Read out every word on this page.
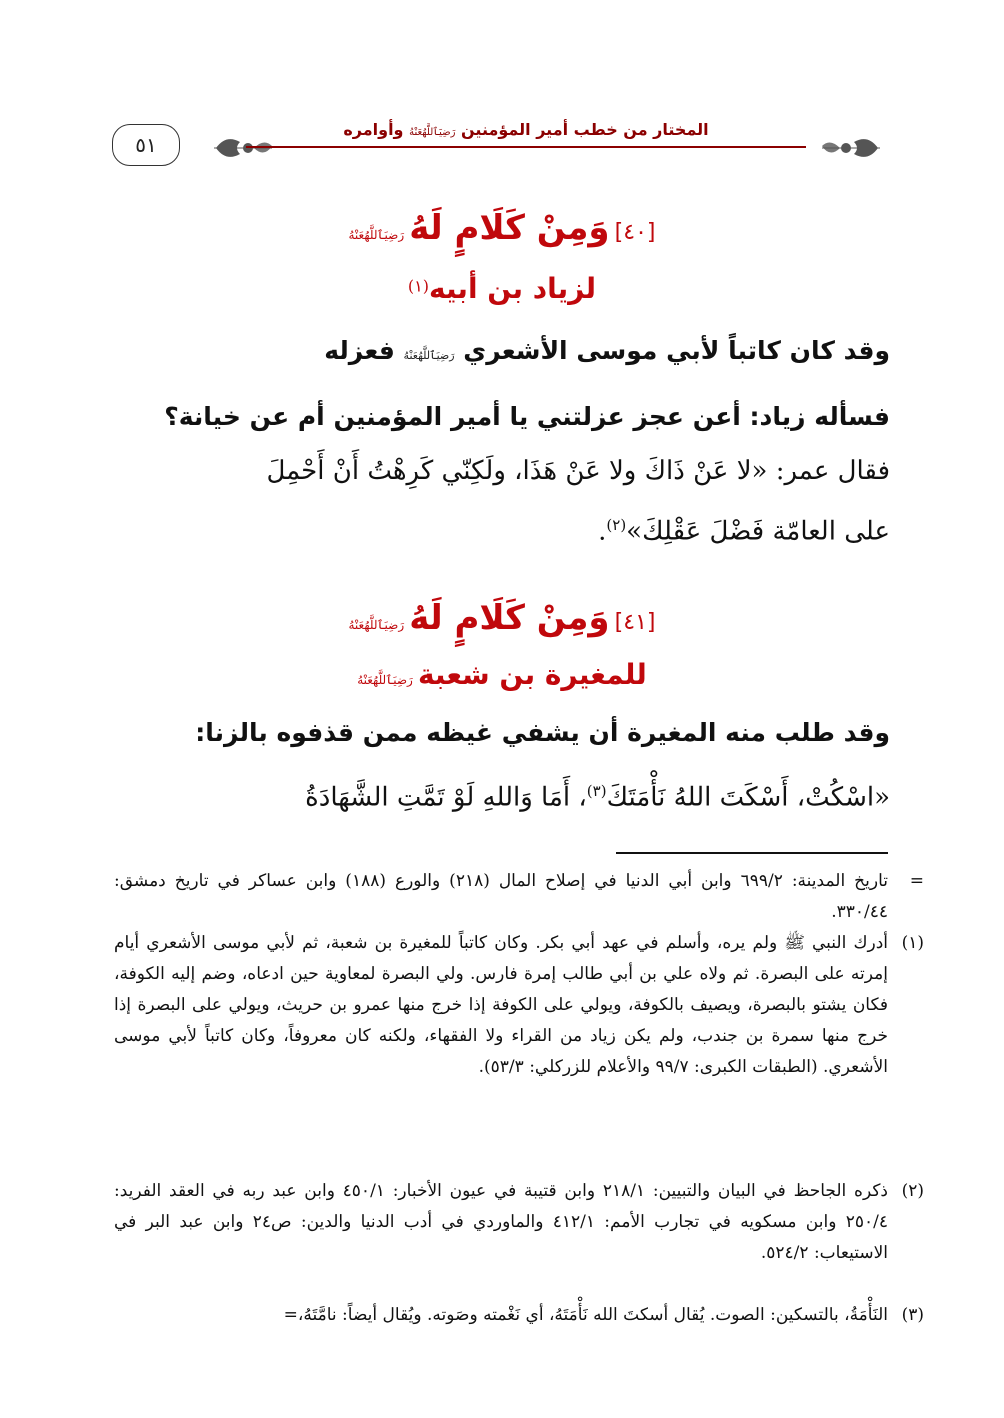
٥١
المختار من خطب أمير المؤمنين رَضِيَٱللَّهُعَنْهُ وأوامره
[٤٠] وَمِنْ كَلَامٍ لَهُ رَضِيَٱللَّهُعَنْهُ
لزياد بن أبيه(١)
وقد كان كاتباً لأبي موسى الأشعري رَضِيَٱللَّهُعَنْهُ فعزله
فسأله زياد: أعن عجز عزلتني يا أمير المؤمنين أم عن خيانة؟
فقال عمر: «لا عَنْ ذَاكَ ولا عَنْ هَذَا، ولَكِنّي كَرِهْتُ أَنْ أَحْمِلَ
على العامّة فَضْلَ عَقْلِكَ»$^{(٢)}$.
[٤١] وَمِنْ كَلَامٍ لَهُ رَضِيَٱللَّهُعَنْهُ
للمغيرة بن شعبة رَضِيَٱللَّهُعَنْهُ
وقد طلب منه المغيرة أن يشفي غيظه ممن قذفوه بالزنا:
«اسْكُتْ، أَسْكَتَ اللهُ نَأْمَتَكَ$^{(٣)}$، أَمَا وَاللهِ لَوْ تَمَّتِ الشَّهَادَةُ
=
تاريخ المدينة: ٦٩٩/٢ وابن أبي الدنيا في إصلاح المال (٢١٨) والورع (١٨٨) وابن عساكر في تاريخ دمشق: ٣٣٠/٤٤.
(١)
أدرك النبي ﷺ ولم يره، وأسلم في عهد أبي بكر. وكان كاتباً للمغيرة بن شعبة، ثم لأبي موسى الأشعري أيام إمرته على البصرة. ثم ولاه علي بن أبي طالب إمرة فارس. ولي البصرة لمعاوية حين ادعاه، وضم إليه الكوفة، فكان يشتو بالبصرة، ويصيف بالكوفة، ويولي على الكوفة إذا خرج منها عمرو بن حريث، ويولي على البصرة إذا خرج منها سمرة بن جندب، ولم يكن زياد من القراء ولا الفقهاء، ولكنه كان معروفاً، وكان كاتباً لأبي موسى الأشعري. (الطبقات الكبرى: ٩٩/٧ والأعلام للزركلي: ٥٣/٣).
(٢)
ذكره الجاحظ في البيان والتبيين: ٢١٨/١ وابن قتيبة في عيون الأخبار: ٤٥٠/١ وابن عبد ربه في العقد الفريد: ٢٥٠/٤ وابن مسكويه في تجارب الأمم: ٤١٢/١ والماوردي في أدب الدنيا والدين: ص٢٤ وابن عبد البر في الاستيعاب: ٥٢٤/٢.
(٣)
النَأْمَةُ، بالتسكين: الصوت. يُقال أسكتَ الله نَأْمَتَهُ، أي نَغْمته وصَوته. ويُقال أيضاً: نامَّتَهُ،=
